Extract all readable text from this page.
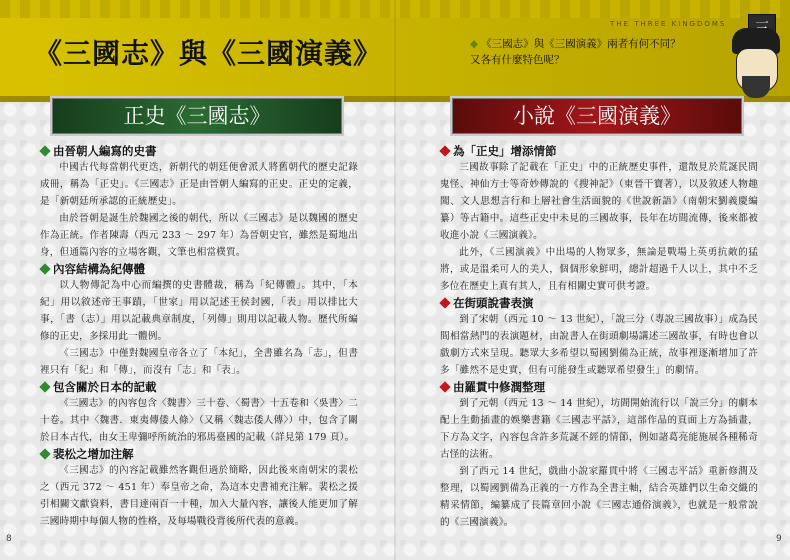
THE THREE KINGDOMS
《三國志》與《三國演義》	◆ 《三國志》與《三國演義》兩者有何不同？
又各有什麼特色呢？
正史《三國志》	小說《三國演義》
由晉朝人編寫的史書

中國古代每當朝代更迭，新朝代的朝廷便會派人將舊朝代的歷史記錄成冊，稱為「正史」。《三國志》正是由晉朝人編寫的正史。正史的定義，是「新朝廷所承認的正統歷史」。

由於晉朝是誕生於魏國之後的朝代，所以《三國志》是以魏國的歷史作為正統。作者陳壽（西元 233 ～ 297 年）為晉朝史官，雖然是蜀地出身，但通篇內容的立場客觀，文筆也相當樸質。

內容結構為紀傳體

以人物傳記為中心而編撰的史書體裁，稱為「紀傳體」。其中，「本紀」用以敘述帝王事蹟，「世家」用以記述王侯封國，「表」用以排比大事，「書（志）」用以記載典章制度，「列傳」則用以記載人物。歷代所編修的正史，多採用此一體例。

《三國志》中僅對魏國皇帝各立了「本紀」，全書雖名為「志」，但書裡只有「紀」和「傳」，而沒有「志」和「表」。

包含關於日本的記載

《三國志》的內容包含〈魏書〉三十卷、〈蜀書〉十五卷和〈吳書〉二十卷。其中〈魏書．東夷傳倭人條〉（又稱〈魏志倭人傳〉）中，包含了關於日本古代，由女王卑彌呼所統治的邪馬臺國的記載（詳見第 179 頁）。

裴松之增加注解

《三國志》的內容記載雖然客觀但過於簡略，因此後來南朝宋的裴松之（西元 372 ～ 451 年）奉皇帝之命，為這本史書補充注解。裴松之援引相關文獻資料，書目達兩百一十種，加入大量內容，讓後人能更加了解三國時期中每個人物的性格，及每場戰役背後所代表的意義。

為「正史」增添情節

三國故事除了記載在「正史」中的正統歷史事件，還散見於荒誕民間鬼怪、神仙方士等奇妙傳說的《搜神記》（東晉干寶著），以及敘述人物趣聞、文人思想言行和上層社會生活面貌的《世說新語》（南朝宋劉義慶編纂）等古籍中。這些正史中未見的三國故事，長年在坊間流傳，後來都被收進小說《三國演義》。

此外，《三國演義》中出場的人物眾多，無論是戰場上英勇抗敵的猛將，或是溫柔可人的美人，個個形象鮮明，總計超過千人以上，其中不乏多位在歷史上真有其人，且有相關史實可供考證。

在街頭說書表演

到了宋朝（西元 10 ～ 13 世紀），「說三分（專說三國故事）」成為民間相當熱門的表演題材，由說書人在街頭劇場講述三國故事，有時也會以戲劇方式來呈現。聽眾大多希望以蜀國劉備為正統，故事裡逐漸增加了許多「雖然不是史實，但有可能發生或聽眾希望發生」的劇情。

由羅貫中修潤整理

到了元朝（西元 13 ～ 14 世紀），坊間開始流行以「說三分」的劇本配上生動插畫的娛樂書籍《三國志平話》，這部作品的頁面上方為插畫，下方為文字，內容包含許多荒誕不經的情節，例如諸葛亮能施展各種稀奇古怪的法術。

到了西元 14 世紀，戲曲小說家羅貫中將《三國志平話》重新修潤及整理，以蜀國劉備為正義的一方作為全書主軸，結合英雄們以生命交織的精采情節，編纂成了長篇章回小說《三國志通俗演義》，也就是一般常說的《三國演義》。

8	9
